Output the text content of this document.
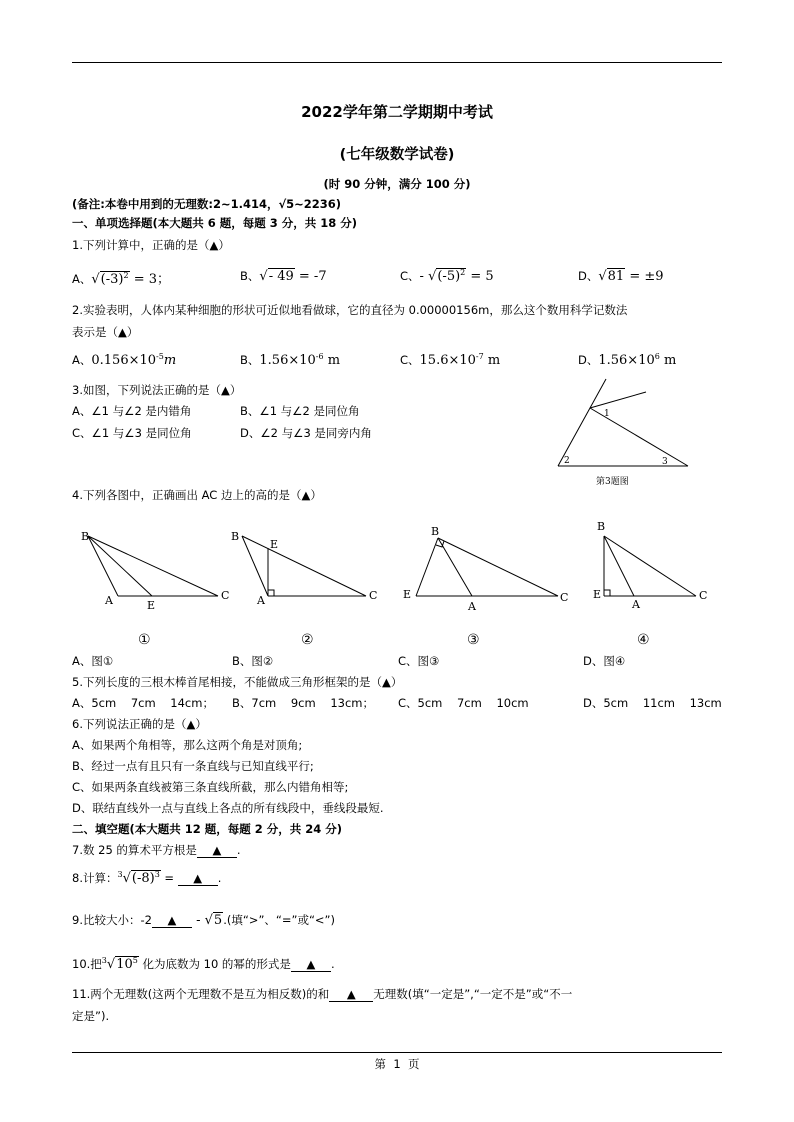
2022学年第二学期期中考试
(七年级数学试卷)
(时 90 分钟，满分 100 分)
(备注:本卷中用到的无理数:2~1.414，√5~2236)
一、单项选择题(本大题共 6 题，每题 3 分，共 18 分)
1.下列计算中，正确的是（▲）
A、$√(-3)^2 = 3$；	B、√- 49 = -7	C、- $√(-5)^2 = 5$	D、√81 = ±9
2.实验表明，人体内某种细胞的形状可近似地看做球，它的直径为 0.00000156m，那么这个数用科学记数法
表示是（▲）
A、$0.156\times 10^{-5}m$	B、$1.56\times 10^{-6}$ m	C、$15.6\times 10^{-7}$ m	D、$1.56\times 10^6$ m
3.如图，下列说法正确的是（▲）
A、∠1 与∠2 是内错角	B、∠1 与∠2 是同位角
C、∠1 与∠3 是同位角	D、∠2 与∠3 是同旁内角
1
2	3
第3题图
4.下列各图中，正确画出 AC 边上的高的是（▲）
B
A	E
C
B
E
A	C
B
E
A
C
B
E
A
C
①	②	③	④
A、图①	B、图②	C、图③	D、图④
5.下列长度的三根木棒首尾相接，不能做成三角形框架的是（▲）
A、5cm    7cm    14cm； B、7cm    9cm    13cm； C、5cm    7cm    10cm	D、5cm    11cm    13cm
6.下列说法正确的是（▲）
A、如果两个角相等，那么这两个角是对顶角;
B、经过一点有且只有一条直线与已知直线平行;
C、如果两条直线被第三条直线所截，那么内错角相等;
D、联结直线外一点与直线上各点的所有线段中，垂线段最短.
二、填空题(本大题共 12 题，每题 2 分，共 24 分)
7.数 25 的算术平方根是 ▲ .
8.计算：$^3√(-8)^3$ = ▲ .
9.比较大小：-2 ▲ - √5.(填“>”、“=”或“<”)
10.把$^3√10^5$ 化为底数为 10 的幂的形式是 ▲ .
11.两个无理数(这两个无理数不是互为相反数)的和 ▲ 无理数(填“一定是”,“一定不是”或“不一
定是”).
第  1  页
